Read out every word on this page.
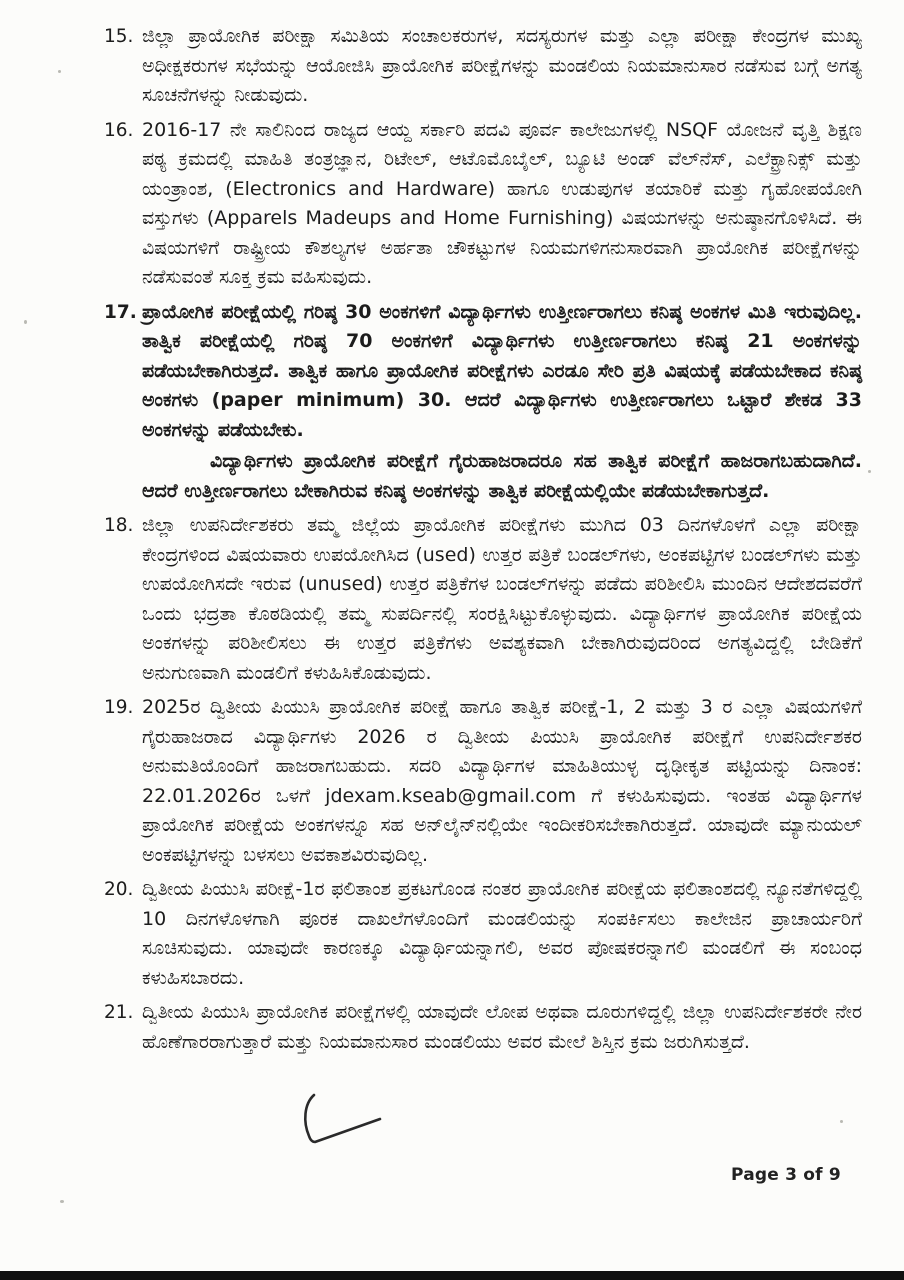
15. ಜಿಲ್ಲಾ ಪ್ರಾಯೋಗಿಕ ಪರೀಕ್ಷಾ ಸಮಿತಿಯ ಸಂಚಾಲಕರುಗಳ, ಸದಸ್ಯರುಗಳ ಮತ್ತು ಎಲ್ಲಾ ಪರೀಕ್ಷಾ ಕೇಂದ್ರಗಳ ಮುಖ್ಯ ಅಧೀಕ್ಷಕರುಗಳ ಸಭೆಯನ್ನು ಆಯೋಜಿಸಿ ಪ್ರಾಯೋಗಿಕ ಪರೀಕ್ಷೆಗಳನ್ನು ಮಂಡಲಿಯ ನಿಯಮಾನುಸಾರ ನಡೆಸುವ ಬಗ್ಗೆ ಅಗತ್ಯ ಸೂಚನೆಗಳನ್ನು ನೀಡುವುದು.

16. 2016-17 ನೇ ಸಾಲಿನಿಂದ ರಾಜ್ಯದ ಆಯ್ದ ಸರ್ಕಾರಿ ಪದವಿ ಪೂರ್ವ ಕಾಲೇಜುಗಳಲ್ಲಿ NSQF ಯೋಜನೆ ವೃತ್ತಿ ಶಿಕ್ಷಣ ಪಠ್ಯ ಕ್ರಮದಲ್ಲಿ ಮಾಹಿತಿ ತಂತ್ರಜ್ಞಾನ, ರಿಟೇಲ್, ಆಟೊಮೊಬೈಲ್, ಬ್ಯೂಟಿ ಅಂಡ್ ವೆಲ್‌ನೆಸ್, ಎಲೆಕ್ಟ್ರಾನಿಕ್ಸ್ ಮತ್ತು ಯಂತ್ರಾಂಶ, (Electronics and Hardware) ಹಾಗೂ ಉಡುಪುಗಳ ತಯಾರಿಕೆ ಮತ್ತು ಗೃಹೋಪಯೋಗಿ ವಸ್ತುಗಳು (Apparels Madeups and Home Furnishing) ವಿಷಯಗಳನ್ನು ಅನುಷ್ಠಾನಗೊಳಿಸಿದೆ. ಈ ವಿಷಯಗಳಿಗೆ ರಾಷ್ಟ್ರೀಯ ಕೌಶಲ್ಯಗಳ ಅರ್ಹತಾ ಚೌಕಟ್ಟುಗಳ ನಿಯಮಗಳಿಗನುಸಾರವಾಗಿ ಪ್ರಾಯೋಗಿಕ ಪರೀಕ್ಷೆಗಳನ್ನು ನಡೆಸುವಂತೆ ಸೂಕ್ತ ಕ್ರಮ ವಹಿಸುವುದು.

17. ಪ್ರಾಯೋಗಿಕ ಪರೀಕ್ಷೆಯಲ್ಲಿ ಗರಿಷ್ಠ 30 ಅಂಕಗಳಿಗೆ ವಿದ್ಯಾರ್ಥಿಗಳು ಉತ್ತೀರ್ಣರಾಗಲು ಕನಿಷ್ಠ ಅಂಕಗಳ ಮಿತಿ ಇರುವುದಿಲ್ಲ. ತಾತ್ವಿಕ ಪರೀಕ್ಷೆಯಲ್ಲಿ ಗರಿಷ್ಠ 70 ಅಂಕಗಳಿಗೆ ವಿದ್ಯಾರ್ಥಿಗಳು ಉತ್ತೀರ್ಣರಾಗಲು ಕನಿಷ್ಠ 21 ಅಂಕಗಳನ್ನು ಪಡೆಯಬೇಕಾಗಿರುತ್ತದೆ. ತಾತ್ವಿಕ ಹಾಗೂ ಪ್ರಾಯೋಗಿಕ ಪರೀಕ್ಷೆಗಳು ಎರಡೂ ಸೇರಿ ಪ್ರತಿ ವಿಷಯಕ್ಕೆ ಪಡೆಯಬೇಕಾದ ಕನಿಷ್ಠ ಅಂಕಗಳು (paper minimum) 30. ಆದರೆ ವಿದ್ಯಾರ್ಥಿಗಳು ಉತ್ತೀರ್ಣರಾಗಲು ಒಟ್ಟಾರೆ ಶೇಕಡ 33 ಅಂಕಗಳನ್ನು ಪಡೆಯಬೇಕು.

ವಿದ್ಯಾರ್ಥಿಗಳು ಪ್ರಾಯೋಗಿಕ ಪರೀಕ್ಷೆಗೆ ಗೈರುಹಾಜರಾದರೂ ಸಹ ತಾತ್ವಿಕ ಪರೀಕ್ಷೆಗೆ ಹಾಜರಾಗಬಹುದಾಗಿದೆ. ಆದರೆ ಉತ್ತೀರ್ಣರಾಗಲು ಬೇಕಾಗಿರುವ ಕನಿಷ್ಠ ಅಂಕಗಳನ್ನು ತಾತ್ವಿಕ ಪರೀಕ್ಷೆಯಲ್ಲಿಯೇ ಪಡೆಯಬೇಕಾಗುತ್ತದೆ.

18. ಜಿಲ್ಲಾ ಉಪನಿರ್ದೇಶಕರು ತಮ್ಮ ಜಿಲ್ಲೆಯ ಪ್ರಾಯೋಗಿಕ ಪರೀಕ್ಷೆಗಳು ಮುಗಿದ 03 ದಿನಗಳೊಳಗೆ ಎಲ್ಲಾ ಪರೀಕ್ಷಾ ಕೇಂದ್ರಗಳಿಂದ ವಿಷಯವಾರು ಉಪಯೋಗಿಸಿದ (used) ಉತ್ತರ ಪತ್ರಿಕೆ ಬಂಡಲ್‌ಗಳು, ಅಂಕಪಟ್ಟಿಗಳ ಬಂಡಲ್‌ಗಳು ಮತ್ತು ಉಪಯೋಗಿಸದೇ ಇರುವ (unused) ಉತ್ತರ ಪತ್ರಿಕೆಗಳ ಬಂಡಲ್‌ಗಳನ್ನು ಪಡೆದು ಪರಿಶೀಲಿಸಿ ಮುಂದಿನ ಆದೇಶದವರೆಗೆ ಒಂದು ಭದ್ರತಾ ಕೊಠಡಿಯಲ್ಲಿ ತಮ್ಮ ಸುಪರ್ದಿನಲ್ಲಿ ಸಂರಕ್ಷಿಸಿಟ್ಟುಕೊಳ್ಳುವುದು. ವಿದ್ಯಾರ್ಥಿಗಳ ಪ್ರಾಯೋಗಿಕ ಪರೀಕ್ಷೆಯ ಅಂಕಗಳನ್ನು ಪರಿಶೀಲಿಸಲು ಈ ಉತ್ತರ ಪತ್ರಿಕೆಗಳು ಅವಶ್ಯಕವಾಗಿ ಬೇಕಾಗಿರುವುದರಿಂದ ಅಗತ್ಯವಿದ್ದಲ್ಲಿ ಬೇಡಿಕೆಗೆ ಅನುಗುಣವಾಗಿ ಮಂಡಲಿಗೆ ಕಳುಹಿಸಿಕೊಡುವುದು.

19. 2025ರ ದ್ವಿತೀಯ ಪಿಯುಸಿ ಪ್ರಾಯೋಗಿಕ ಪರೀಕ್ಷೆ ಹಾಗೂ ತಾತ್ವಿಕ ಪರೀಕ್ಷೆ-1, 2 ಮತ್ತು 3 ರ ಎಲ್ಲಾ ವಿಷಯಗಳಿಗೆ ಗೈರುಹಾಜರಾದ ವಿದ್ಯಾರ್ಥಿಗಳು 2026 ರ ದ್ವಿತೀಯ ಪಿಯುಸಿ ಪ್ರಾಯೋಗಿಕ ಪರೀಕ್ಷೆಗೆ ಉಪನಿರ್ದೇಶಕರ ಅನುಮತಿಯೊಂದಿಗೆ ಹಾಜರಾಗಬಹುದು. ಸದರಿ ವಿದ್ಯಾರ್ಥಿಗಳ ಮಾಹಿತಿಯುಳ್ಳ ದೃಢೀಕೃತ ಪಟ್ಟಿಯನ್ನು ದಿನಾಂಕ: 22.01.2026ರ ಒಳಗೆ jdexam.kseab@gmail.com ಗೆ ಕಳುಹಿಸುವುದು. ಇಂತಹ ವಿದ್ಯಾರ್ಥಿಗಳ ಪ್ರಾಯೋಗಿಕ ಪರೀಕ್ಷೆಯ ಅಂಕಗಳನ್ನೂ ಸಹ ಅನ್‌ಲೈನ್‌ನಲ್ಲಿಯೇ ಇಂದೀಕರಿಸಬೇಕಾಗಿರುತ್ತದೆ. ಯಾವುದೇ ಮ್ಯಾನುಯಲ್ ಅಂಕಪಟ್ಟಿಗಳನ್ನು ಬಳಸಲು ಅವಕಾಶವಿರುವುದಿಲ್ಲ.

20. ದ್ವಿತೀಯ ಪಿಯುಸಿ ಪರೀಕ್ಷೆ-1ರ ಫಲಿತಾಂಶ ಪ್ರಕಟಗೊಂಡ ನಂತರ ಪ್ರಾಯೋಗಿಕ ಪರೀಕ್ಷೆಯ ಫಲಿತಾಂಶದಲ್ಲಿ ನ್ಯೂನತೆಗಳಿದ್ದಲ್ಲಿ 10 ದಿನಗಳೊಳಗಾಗಿ ಪೂರಕ ದಾಖಲೆಗಳೊಂದಿಗೆ ಮಂಡಲಿಯನ್ನು ಸಂಪರ್ಕಿಸಲು ಕಾಲೇಜಿನ ಪ್ರಾಚಾರ್ಯರಿಗೆ ಸೂಚಿಸುವುದು. ಯಾವುದೇ ಕಾರಣಕ್ಕೂ ವಿದ್ಯಾರ್ಥಿಯನ್ನಾಗಲಿ, ಅವರ ಪೋಷಕರನ್ನಾಗಲಿ ಮಂಡಲಿಗೆ ಈ ಸಂಬಂಧ ಕಳುಹಿಸಬಾರದು.

21. ದ್ವಿತೀಯ ಪಿಯುಸಿ ಪ್ರಾಯೋಗಿಕ ಪರೀಕ್ಷೆಗಳಲ್ಲಿ ಯಾವುದೇ ಲೋಪ ಅಥವಾ ದೂರುಗಳಿದ್ದಲ್ಲಿ ಜಿಲ್ಲಾ ಉಪನಿರ್ದೇಶಕರೇ ನೇರ ಹೊಣೆಗಾರರಾಗುತ್ತಾರೆ ಮತ್ತು ನಿಯಮಾನುಸಾರ ಮಂಡಲಿಯು ಅವರ ಮೇಲೆ ಶಿಸ್ತಿನ ಕ್ರಮ ಜರುಗಿಸುತ್ತದೆ.

Page 3 of 9
